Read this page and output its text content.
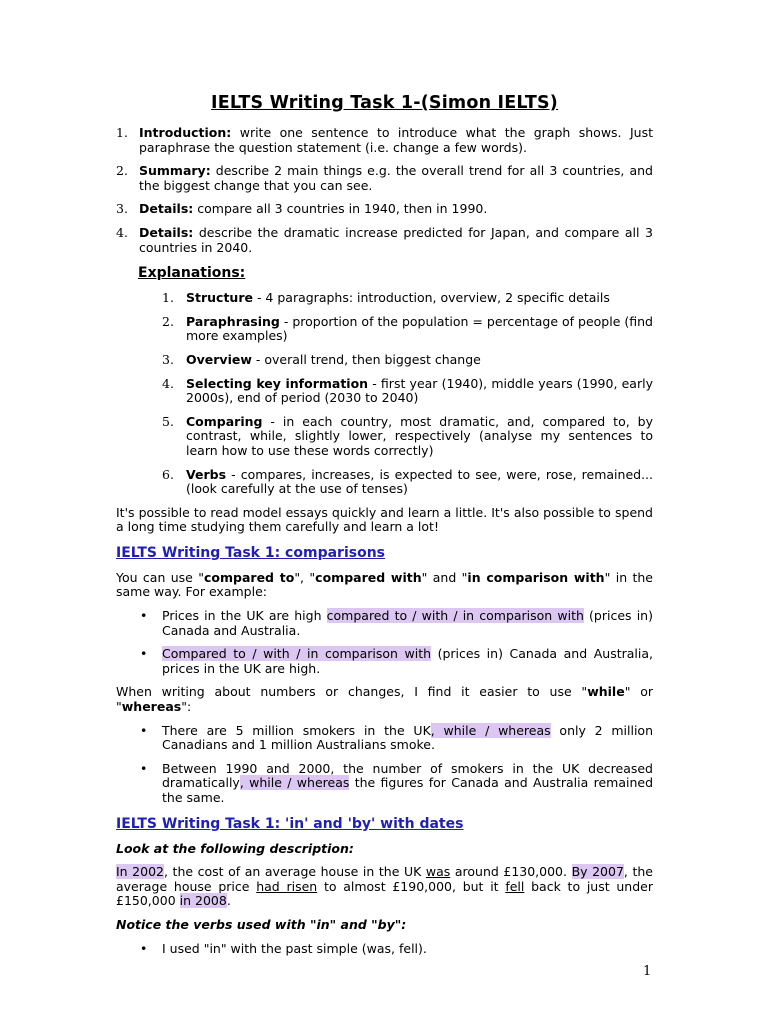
IELTS Writing Task 1-(Simon IELTS)
1. Introduction: write one sentence to introduce what the graph shows. Just paraphrase the question statement (i.e. change a few words).
2. Summary: describe 2 main things e.g. the overall trend for all 3 countries, and the biggest change that you can see.
3. Details: compare all 3 countries in 1940, then in 1990.
4. Details: describe the dramatic increase predicted for Japan, and compare all 3 countries in 2040.
Explanations:
1. Structure - 4 paragraphs: introduction, overview, 2 specific details
2. Paraphrasing - proportion of the population = percentage of people (find more examples)
3. Overview - overall trend, then biggest change
4. Selecting key information - first year (1940), middle years (1990, early 2000s), end of period (2030 to 2040)
5. Comparing - in each country, most dramatic, and, compared to, by contrast, while, slightly lower, respectively (analyse my sentences to learn how to use these words correctly)
6. Verbs - compares, increases, is expected to see, were, rose, remained... (look carefully at the use of tenses)

It's possible to read model essays quickly and learn a little. It's also possible to spend a long time studying them carefully and learn a lot!

IELTS Writing Task 1: comparisons

You can use "compared to", "compared with" and "in comparison with" in the same way. For example:

• Prices in the UK are high compared to / with / in comparison with (prices in) Canada and Australia.
• Compared to / with / in comparison with (prices in) Canada and Australia, prices in the UK are high.

When writing about numbers or changes, I find it easier to use "while" or "whereas":

• There are 5 million smokers in the UK, while / whereas only 2 million Canadians and 1 million Australians smoke.
• Between 1990 and 2000, the number of smokers in the UK decreased dramatically, while / whereas the figures for Canada and Australia remained the same.
IELTS Writing Task 1: 'in' and 'by' with dates

Look at the following description:

In 2002, the cost of an average house in the UK was around £130,000. By 2007, the average house price had risen to almost £190,000, but it fell back to just under £150,000 in 2008.

Notice the verbs used with "in" and "by":

• I used "in" with the past simple (was, fell).
1
